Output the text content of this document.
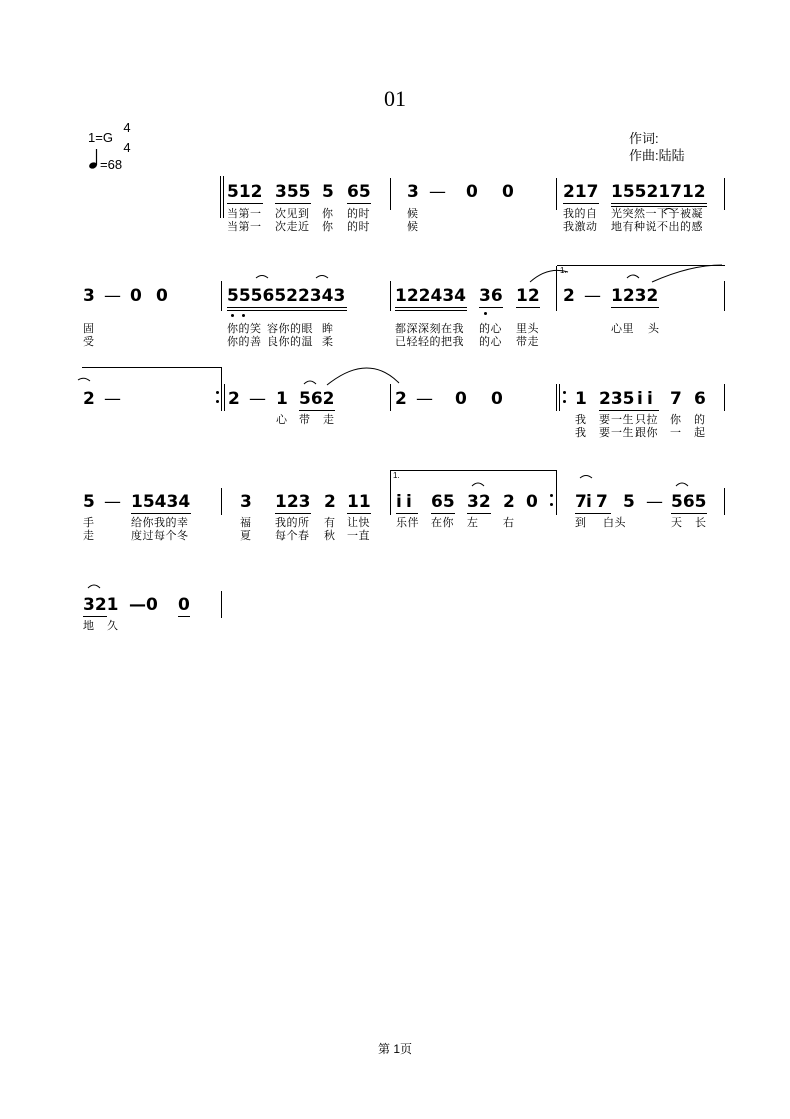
01
1=G
4
4
=68
作词:
作曲:陆陆
512 355 5 65 3 — 0 0	217 15521712
当第一 次见到 你 的时	候	我的自 光突然一下子被凝
当第一 次走近 你 的时	候	我激动 地有种说不出的感
3 — 0 0	5556522343	122434 36 12 2 — 1232
1.
固	你的笑 容你的眼 眸	都深深刻在我 的心 里头	心里 头
受	你的善 良你的温 柔	已轻轻的把我 的心 带走
2 —	2 — 1 562	2 — 0 0	1 235 i i 7 6
心 带 走	我 要 一生 只拉 你 的
我 要 一生 跟你 一 起
1.
5 — 15434	3 123 2 11 i i 65 32 2 0 7 i 7 5 — 565
手	给你我的幸	福 我的所 有 让快 乐伴 在你 左 右	到 白头	天 长
走	度过每个冬	夏 每个春 秋 一直
321 —0 0
地 久
第 1页
